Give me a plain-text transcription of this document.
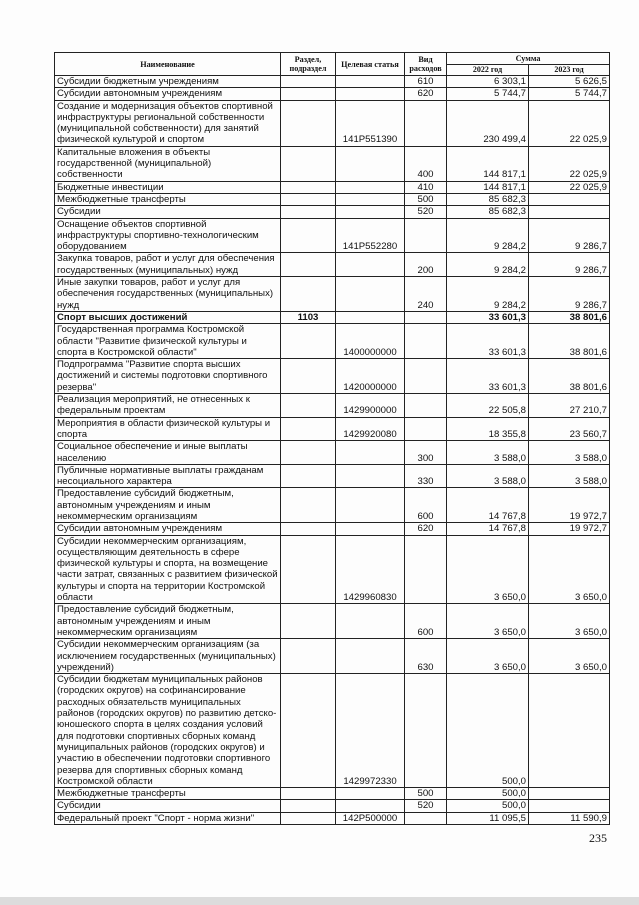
Наименование	Раздел, подраздел	Целевая статья	Вид расходов	Сумма	
				2022 год	2023 год
Субсидии бюджетным учреждениям			610	6 303,1	5 626,5
Субсидии автономным учреждениям			620	5 744,7	5 744,7
Создание и модернизация объектов спортивной инфраструктуры региональной собственности (муниципальной собственности) для занятий физической культурой и спортом		141P551390		230 499,4	22 025,9
Капитальные вложения в объекты государственной (муниципальной) собственности			400	144 817,1	22 025,9
Бюджетные инвестиции			410	144 817,1	22 025,9
Межбюджетные трансферты			500	85 682,3	
Субсидии			520	85 682,3	
Оснащение объектов спортивной инфраструктуры спортивно-технологическим оборудованием		141P552280		9 284,2	9 286,7
Закупка товаров, работ и услуг для обеспечения государственных (муниципальных) нужд			200	9 284,2	9 286,7
Иные закупки товаров, работ и услуг для обеспечения государственных (муниципальных) нужд			240	9 284,2	9 286,7
Спорт высших достижений	1103			33 601,3	38 801,6
Государственная программа Костромской области "Развитие физической культуры и спорта в Костромской области"		1400000000		33 601,3	38 801,6
Подпрограмма "Развитие спорта высших достижений и системы подготовки спортивного резерва"		1420000000		33 601,3	38 801,6
Реализация мероприятий, не отнесенных к федеральным проектам		1429900000		22 505,8	27 210,7
Мероприятия в области физической культуры и спорта		1429920080		18 355,8	23 560,7
Социальное обеспечение и иные выплаты населению			300	3 588,0	3 588,0
Публичные нормативные выплаты гражданам несоциального характера			330	3 588,0	3 588,0
Предоставление субсидий бюджетным, автономным учреждениям и иным некоммерческим организациям			600	14 767,8	19 972,7
Субсидии автономным учреждениям			620	14 767,8	19 972,7
Субсидии некоммерческим организациям, осуществляющим деятельность в сфере физической культуры и спорта, на возмещение части затрат, связанных с развитием физической культуры и спорта на территории Костромской области		1429960830		3 650,0	3 650,0
Предоставление субсидий бюджетным, автономным учреждениям и иным некоммерческим организациям			600	3 650,0	3 650,0
Субсидии некоммерческим организациям (за исключением государственных (муниципальных) учреждений)			630	3 650,0	3 650,0
Субсидии бюджетам муниципальных районов (городских округов) на софинансирование расходных обязательств муниципальных районов (городских округов) по развитию детско-юношеского спорта в целях создания условий для подготовки спортивных сборных команд муниципальных районов (городских округов) и участию в обеспечении подготовки спортивного резерва для спортивных сборных команд Костромской области		1429972330		500,0	
Межбюджетные трансферты			500	500,0	
Субсидии			520	500,0	
Федеральный проект "Спорт - норма жизни"		142P500000		11 095,5	11 590,9
235
